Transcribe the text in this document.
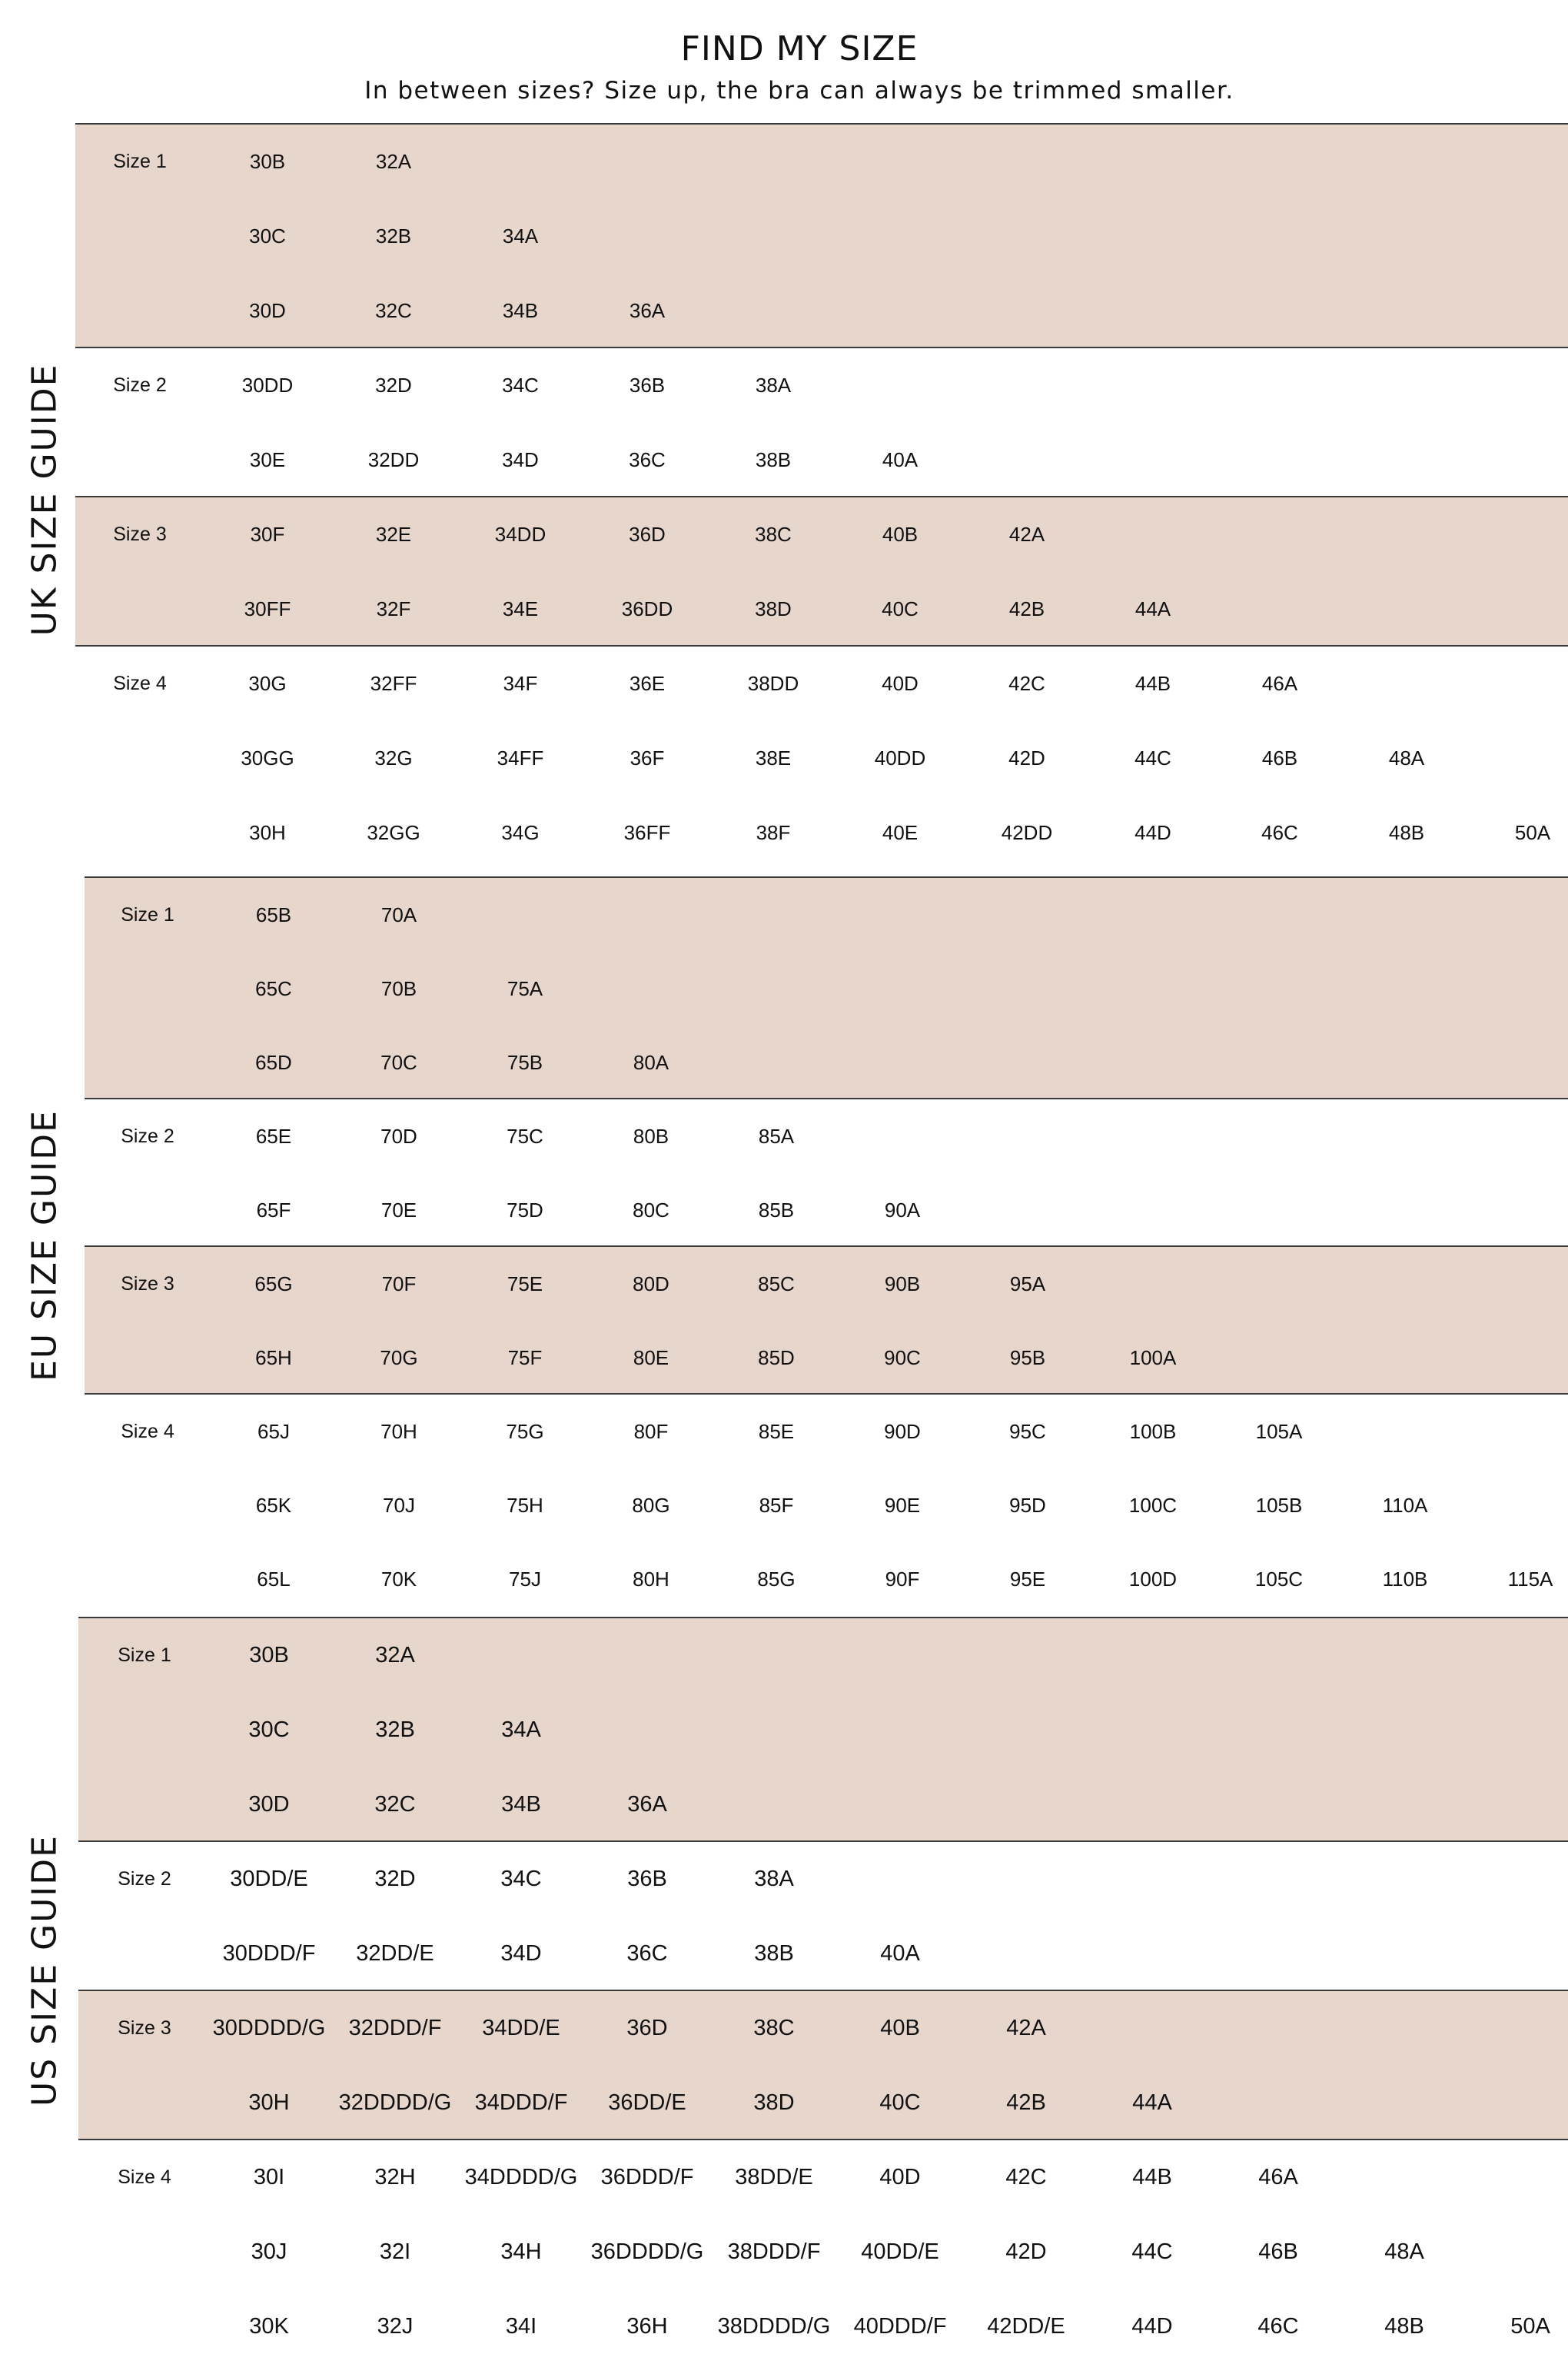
FIND MY SIZE
In between sizes? Size up, the bra can always be trimmed smaller.
UK SIZE GUIDE
Size 1	30B	32A
30C	32B	34A
30D	32C	34B	36A
Size 2	30DD	32D	34C	36B	38A
30E	32DD	34D	36C	38B	40A
Size 3	30F	32E	34DD	36D	38C	40B	42A
30FF	32F	34E	36DD	38D	40C	42B	44A
Size 4	30G	32FF	34F	36E	38DD	40D	42C	44B	46A
30GG	32G	34FF	36F	38E	40DD	42D	44C	46B	48A
30H	32GG	34G	36FF	38F	40E	42DD	44D	46C	48B	50A
EU SIZE GUIDE
Size 1	65B	70A
65C	70B	75A
65D	70C	75B	80A
Size 2	65E	70D	75C	80B	85A
65F	70E	75D	80C	85B	90A
Size 3	65G	70F	75E	80D	85C	90B	95A
65H	70G	75F	80E	85D	90C	95B	100A
Size 4	65J	70H	75G	80F	85E	90D	95C	100B	105A
65K	70J	75H	80G	85F	90E	95D	100C	105B	110A
65L	70K	75J	80H	85G	90F	95E	100D	105C	110B	115A
US SIZE GUIDE
Size 1	30B	32A
30C	32B	34A
30D	32C	34B	36A
Size 2	30DD/E	32D	34C	36B	38A
30DDD/F	32DD/E	34D	36C	38B	40A
Size 3	30DDDD/G	32DDD/F	34DD/E	36D	38C	40B	42A
30H	32DDDD/G	34DDD/F	36DD/E	38D	40C	42B	44A
Size 4	30I	32H	34DDDD/G	36DDD/F	38DD/E	40D	42C	44B	46A
30J	32I	34H	36DDDD/G	38DDD/F	40DD/E	42D	44C	46B	48A
30K	32J	34I	36H	38DDDD/G	40DDD/F	42DD/E	44D	46C	48B	50A
